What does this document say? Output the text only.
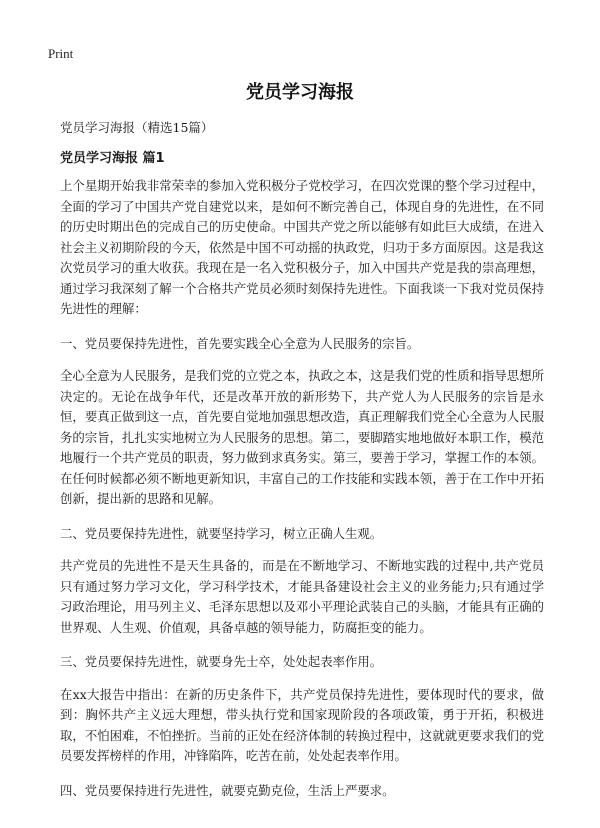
Print
党员学习海报

党员学习海报（精选15篇）

党员学习海报 篇1

上个星期开始我非常荣幸的参加入党积极分子党校学习，在四次党课的整个学习过程中，全面的学习了中国共产党自建党以来，是如何不断完善自己，体现自身的先进性，在不同的历史时期出色的完成自己的历史使命。中国共产党之所以能够有如此巨大成绩，在进入社会主义初期阶段的今天，依然是中国不可动摇的执政党，归功于多方面原因。这是我这次党员学习的重大收获。我现在是一名入党积极分子，加入中国共产党是我的崇高理想，通过学习我深刻了解一个合格共产党员必须时刻保持先进性。下面我谈一下我对党员保持先进性的理解：

一、党员要保持先进性，首先要实践全心全意为人民服务的宗旨。

全心全意为人民服务，是我们党的立党之本，执政之本，这是我们党的性质和指导思想所决定的。无论在战争年代，还是改革开放的新形势下，共产党人为人民服务的宗旨是永恒，要真正做到这一点，首先要自觉地加强思想改造，真正理解我们党全心全意为人民服务的宗旨，扎扎实实地树立为人民服务的思想。第二，要脚踏实地地做好本职工作，模范地履行一个共产党员的职责，努力做到求真务实。第三，要善于学习，掌握工作的本领。在任何时候都必须不断地更新知识，丰富自己的工作技能和实践本领，善于在工作中开拓创新，提出新的思路和见解。

二、党员要保持先进性，就要坚持学习，树立正确人生观。

共产党员的先进性不是天生具备的，而是在不断地学习、不断地实践的过程中,共产党员只有通过努力学习文化，学习科学技术，才能具备建设社会主义的业务能力;只有通过学习政治理论，用马列主义、毛泽东思想以及邓小平理论武装自己的头脑，才能具有正确的世界观、人生观、价值观，具备卓越的领导能力，防腐拒变的能力。

三、党员要保持先进性，就要身先士卒，处处起表率作用。

在xx大报告中指出：在新的历史条件下，共产党员保持先进性，要体现时代的要求，做到：胸怀共产主义远大理想，带头执行党和国家现阶段的各项政策，勇于开拓，积极进取，不怕困难，不怕挫折。当前的正处在经济体制的转换过程中，这就就更要求我们的党员要发挥榜样的作用，冲锋陷阵，吃苦在前，处处起表率作用。

四、党员要保持进行先进性，就要克勤克俭，生活上严要求。
